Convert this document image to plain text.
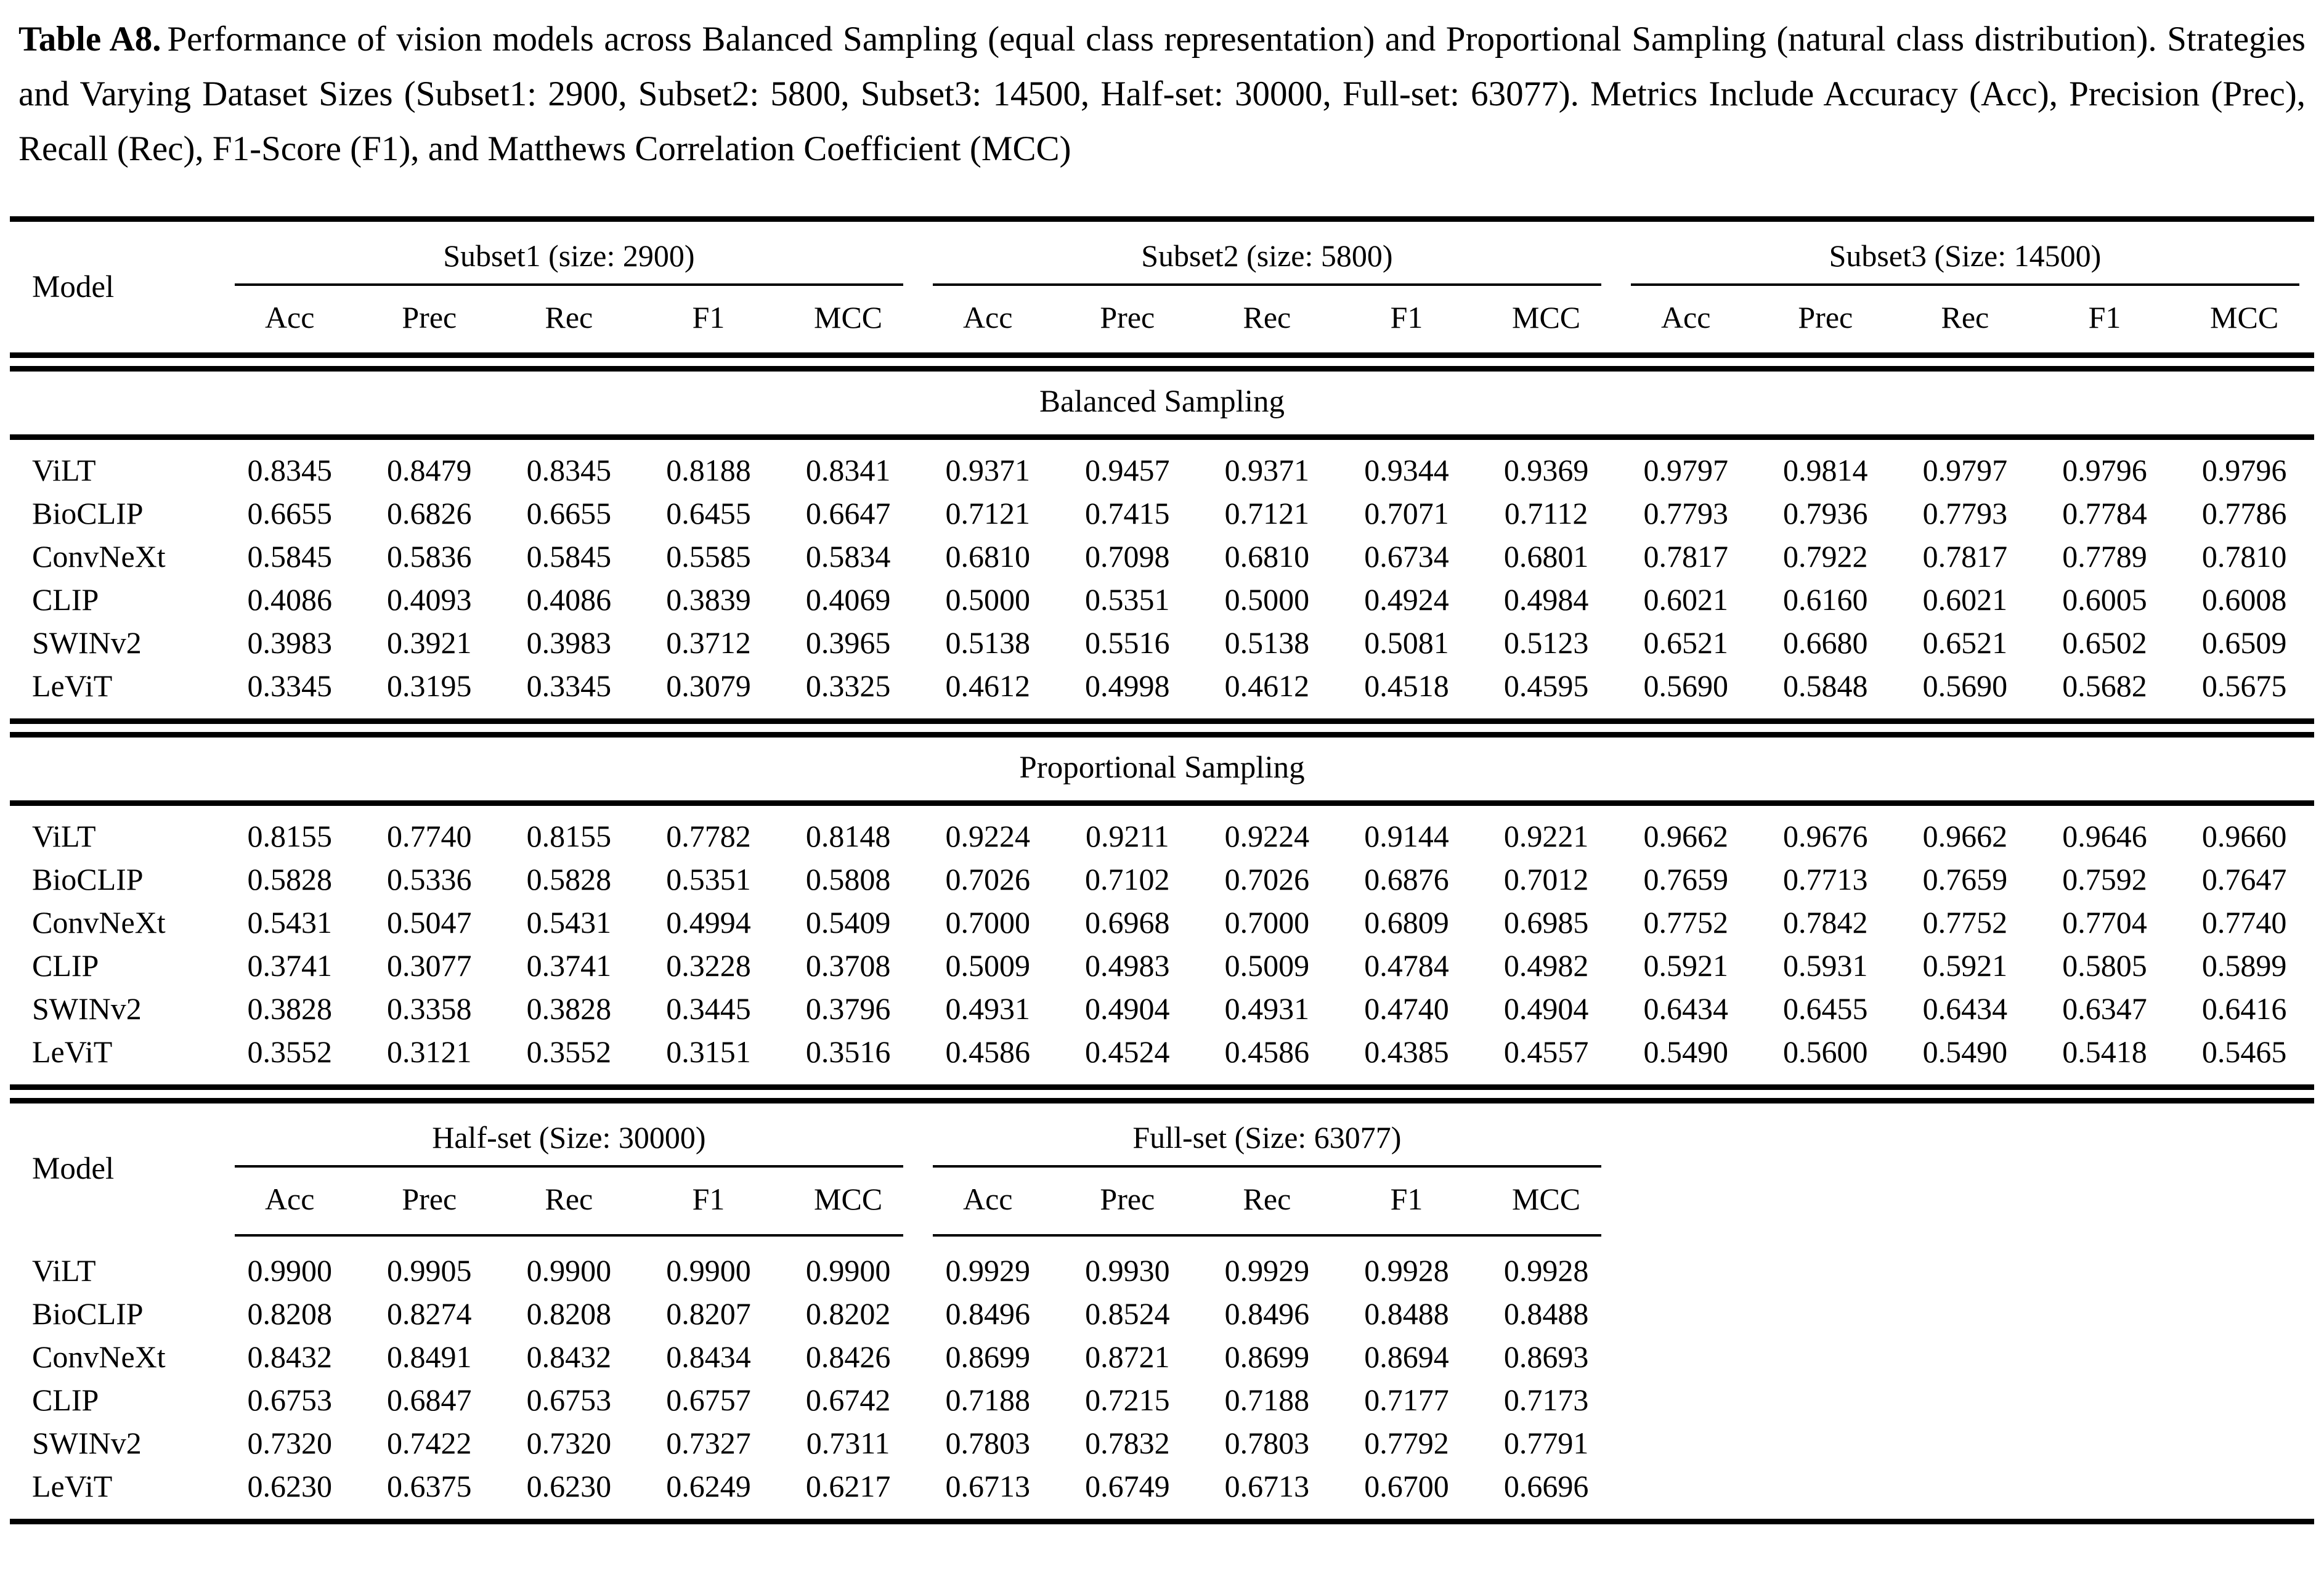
Table A8. Performance of vision models across Balanced Sampling (equal class representation) and Proportional Sampling (natural class distribution). Strategies and Varying Dataset Sizes (Subset1: 2900, Subset2: 5800, Subset3: 14500, Half-set: 30000, Full-set: 63077). Metrics Include Accuracy (Acc), Precision (Prec), Recall (Rec), F1-Score (F1), and Matthews Correlation Coefficient (MCC)

Model	Subset1 (size: 2900)					Subset2 (size: 5800)					Subset3 (Size: 14500)				

	Acc	Prec	Rec	F1	MCC	Acc	Prec	Rec	F1	MCC	Acc	Prec	Rec	F1	MCC

Balanced Sampling															

ViLT	0.8345	0.8479	0.8345	0.8188	0.8341	0.9371	0.9457	0.9371	0.9344	0.9369	0.9797	0.9814	0.9797	0.9796	0.9796
BioCLIP	0.6655	0.6826	0.6655	0.6455	0.6647	0.7121	0.7415	0.7121	0.7071	0.7112	0.7793	0.7936	0.7793	0.7784	0.7786
ConvNeXt	0.5845	0.5836	0.5845	0.5585	0.5834	0.6810	0.7098	0.6810	0.6734	0.6801	0.7817	0.7922	0.7817	0.7789	0.7810
CLIP	0.4086	0.4093	0.4086	0.3839	0.4069	0.5000	0.5351	0.5000	0.4924	0.4984	0.6021	0.6160	0.6021	0.6005	0.6008
SWINv2	0.3983	0.3921	0.3983	0.3712	0.3965	0.5138	0.5516	0.5138	0.5081	0.5123	0.6521	0.6680	0.6521	0.6502	0.6509
LeViT	0.3345	0.3195	0.3345	0.3079	0.3325	0.4612	0.4998	0.4612	0.4518	0.4595	0.5690	0.5848	0.5690	0.5682	0.5675

Proportional Sampling															

ViLT	0.8155	0.7740	0.8155	0.7782	0.8148	0.9224	0.9211	0.9224	0.9144	0.9221	0.9662	0.9676	0.9662	0.9646	0.9660
BioCLIP	0.5828	0.5336	0.5828	0.5351	0.5808	0.7026	0.7102	0.7026	0.6876	0.7012	0.7659	0.7713	0.7659	0.7592	0.7647
ConvNeXt	0.5431	0.5047	0.5431	0.4994	0.5409	0.7000	0.6968	0.7000	0.6809	0.6985	0.7752	0.7842	0.7752	0.7704	0.7740
CLIP	0.3741	0.3077	0.3741	0.3228	0.3708	0.5009	0.4983	0.5009	0.4784	0.4982	0.5921	0.5931	0.5921	0.5805	0.5899
SWINv2	0.3828	0.3358	0.3828	0.3445	0.3796	0.4931	0.4904	0.4931	0.4740	0.4904	0.6434	0.6455	0.6434	0.6347	0.6416
LeViT	0.3552	0.3121	0.3552	0.3151	0.3516	0.4586	0.4524	0.4586	0.4385	0.4557	0.5490	0.5600	0.5490	0.5418	0.5465

Model	Half-set (Size: 30000)					Full-set (Size: 63077)									

	Acc	Prec	Rec	F1	MCC	Acc	Prec	Rec	F1	MCC					

ViLT	0.9900	0.9905	0.9900	0.9900	0.9900	0.9929	0.9930	0.9929	0.9928	0.9928					
BioCLIP	0.8208	0.8274	0.8208	0.8207	0.8202	0.8496	0.8524	0.8496	0.8488	0.8488					
ConvNeXt	0.8432	0.8491	0.8432	0.8434	0.8426	0.8699	0.8721	0.8699	0.8694	0.8693					
CLIP	0.6753	0.6847	0.6753	0.6757	0.6742	0.7188	0.7215	0.7188	0.7177	0.7173					
SWINv2	0.7320	0.7422	0.7320	0.7327	0.7311	0.7803	0.7832	0.7803	0.7792	0.7791					
LeViT	0.6230	0.6375	0.6230	0.6249	0.6217	0.6713	0.6749	0.6713	0.6700	0.6696					
